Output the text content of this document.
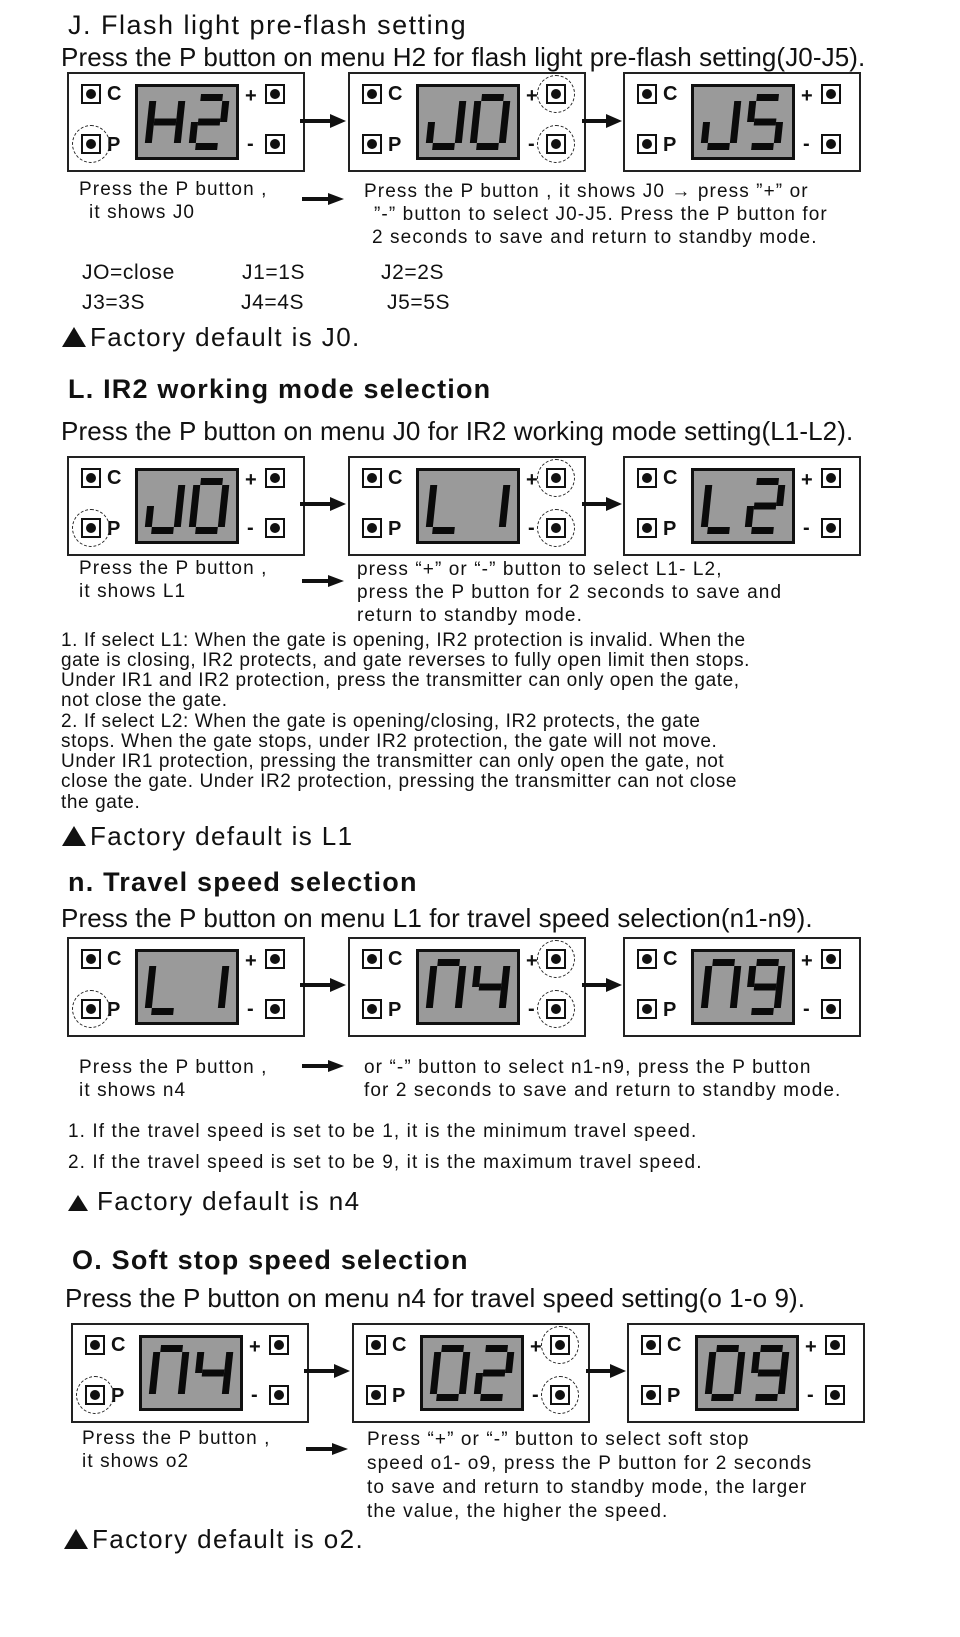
J. Flash light pre-flash setting
Press the P button on menu H2 for flash light pre-flash setting(J0-J5).
C
P
+
-
C
P
+
-
C
P
+
-
Press the P button ,
it shows J0
Press the P button , it shows J0 → press ”+” or
”-” button to select J0-J5. Press the P button for
2 seconds to save and return to standby mode.
JO=close	J1=1S	J2=2S
J3=3S	J4=4S	J5=5S
Factory default is J0.
L. IR2 working mode selection
Press the P button on menu J0 for IR2 working mode setting(L1-L2).
C
P
+
-
C
P
+
-
C
P
+
-
Press the P button ,
it shows L1
press “+” or “-” button to select L1- L2,
press the P button for 2 seconds to save and
return to standby mode.
1. If select L1: When the gate is opening, IR2 protection is invalid. When the
gate is closing, IR2 protects, and gate reverses to fully open limit then stops.
Under IR1 and IR2 protection, press the transmitter can only open the gate,
not close the gate.
2. If select L2: When the gate is opening/closing, IR2 protects, the gate
stops. When the gate stops, under IR2 protection, the gate will not move.
Under IR1 protection, pressing the transmitter can only open the gate, not
close the gate. Under IR2 protection, pressing the transmitter can not close
the gate.
Factory default is L1
n. Travel speed selection
Press the P button on menu L1 for travel speed selection(n1-n9).
C
P
+
-
C
P
+
-
C
P
+
-
Press the P button ,
it shows n4
or “-” button to select n1-n9, press the P button
for 2 seconds to save and return to standby mode.
1. If the travel speed is set to be 1, it is the minimum travel speed.
2. If the travel speed is set to be 9, it is the maximum travel speed.
Factory default is n4
O. Soft stop speed selection
Press the P button on menu n4 for travel speed setting(o 1-o 9).
C
P
+
-
C
P
+
-
C
P
+
-
Press the P button ,
it shows o2
Press “+” or “-” button to select soft stop
speed o1- o9, press the P button for 2 seconds
to save and return to standby mode, the larger
the value, the higher the speed.
Factory default is o2.
